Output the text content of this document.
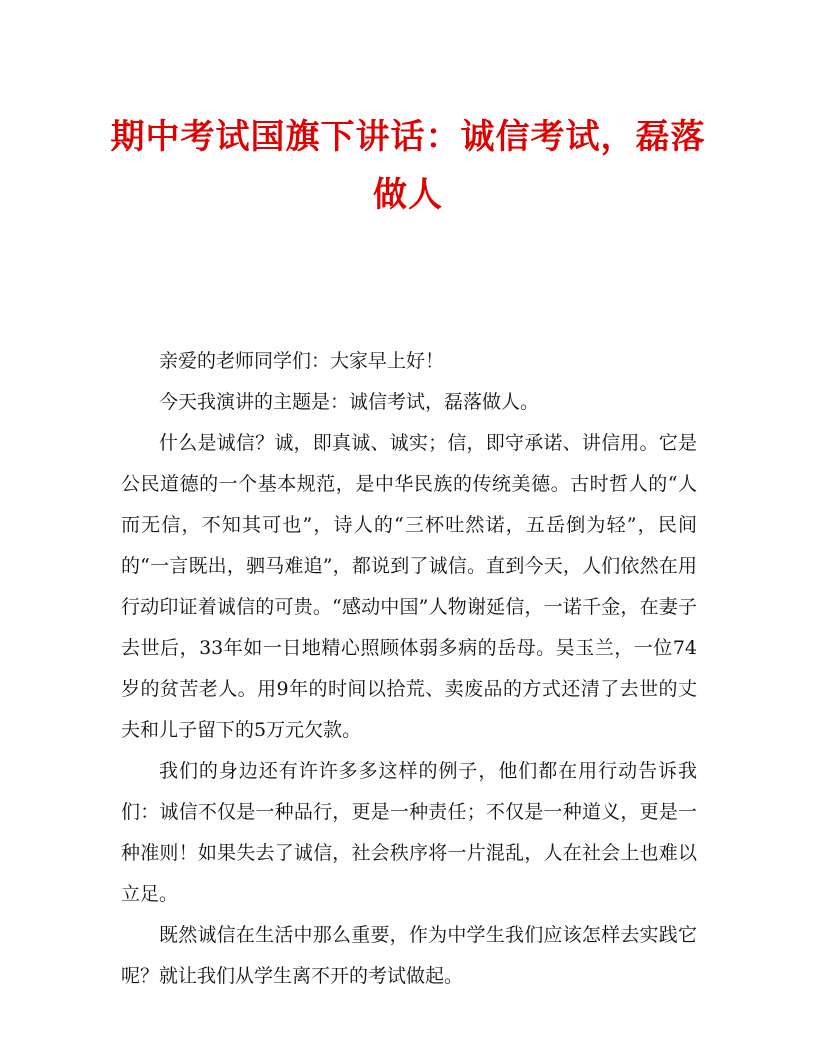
期中考试国旗下讲话：诚信考试，磊落做人

亲爱的老师同学们：大家早上好！

今天我演讲的主题是：诚信考试，磊落做人。

什么是诚信？诚，即真诚、诚实；信，即守承诺、讲信用。它是公民道德的一个基本规范，是中华民族的传统美德。古时哲人的“人而无信，不知其可也”，诗人的“三杯吐然诺，五岳倒为轻”，民间的“一言既出，驷马难追”，都说到了诚信。直到今天，人们依然在用行动印证着诚信的可贵。“感动中国”人物谢延信，一诺千金，在妻子去世后，33年如一日地精心照顾体弱多病的岳母。吴玉兰，一位74岁的贫苦老人。用9年的时间以拾荒、卖废品的方式还清了去世的丈夫和儿子留下的5万元欠款。

我们的身边还有许许多多这样的例子，他们都在用行动告诉我们：诚信不仅是一种品行，更是一种责任；不仅是一种道义，更是一种准则！如果失去了诚信，社会秩序将一片混乱，人在社会上也难以立足。

既然诚信在生活中那么重要，作为中学生我们应该怎样去实践它呢？就让我们从学生离不开的考试做起。
